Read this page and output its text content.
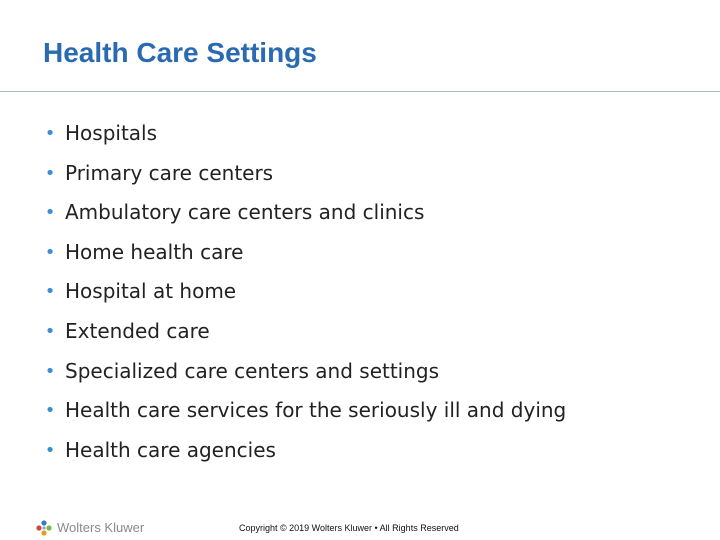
Health Care Settings
• Hospitals
• Primary care centers
• Ambulatory care centers and clinics
• Home health care
• Hospital at home
• Extended care
• Specialized care centers and settings
• Health care services for the seriously ill and dying
• Health care agencies
Wolters Kluwer	Copyright © 2019 Wolters Kluwer • All Rights Reserved
